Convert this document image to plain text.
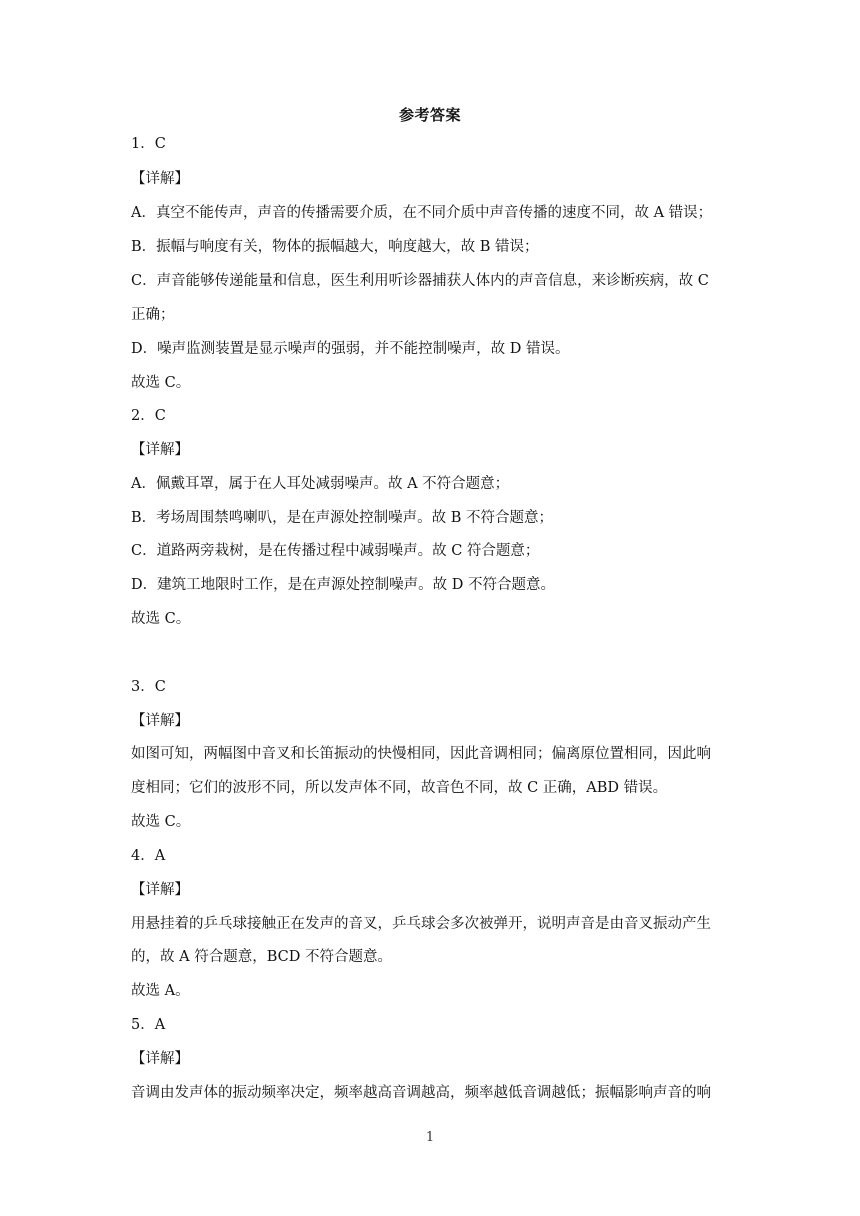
参考答案
1．C
【详解】
A．真空不能传声，声音的传播需要介质，在不同介质中声音传播的速度不同，故 A 错误；
B．振幅与响度有关，物体的振幅越大，响度越大，故 B 错误；
C．声音能够传递能量和信息，医生利用听诊器捕获人体内的声音信息，来诊断疾病，故 C
正确；
D．噪声监测装置是显示噪声的强弱，并不能控制噪声，故 D 错误。
故选 C。
2．C
【详解】
A．佩戴耳罩，属于在人耳处减弱噪声。故 A 不符合题意；
B．考场周围禁鸣喇叭，是在声源处控制噪声。故 B 不符合题意；
C．道路两旁栽树，是在传播过程中减弱噪声。故 C 符合题意；
D．建筑工地限时工作，是在声源处控制噪声。故 D 不符合题意。
故选 C。
3．C
【详解】
如图可知，两幅图中音叉和长笛振动的快慢相同，因此音调相同；偏离原位置相同，因此响
度相同；它们的波形不同，所以发声体不同，故音色不同，故 C 正确，ABD 错误。
故选 C。
4．A
【详解】
用悬挂着的乒乓球接触正在发声的音叉，乒乓球会多次被弹开，说明声音是由音叉振动产生
的，故 A 符合题意，BCD 不符合题意。
故选 A。
5．A
【详解】
音调由发声体的振动频率决定，频率越高音调越高，频率越低音调越低；振幅影响声音的响
1
